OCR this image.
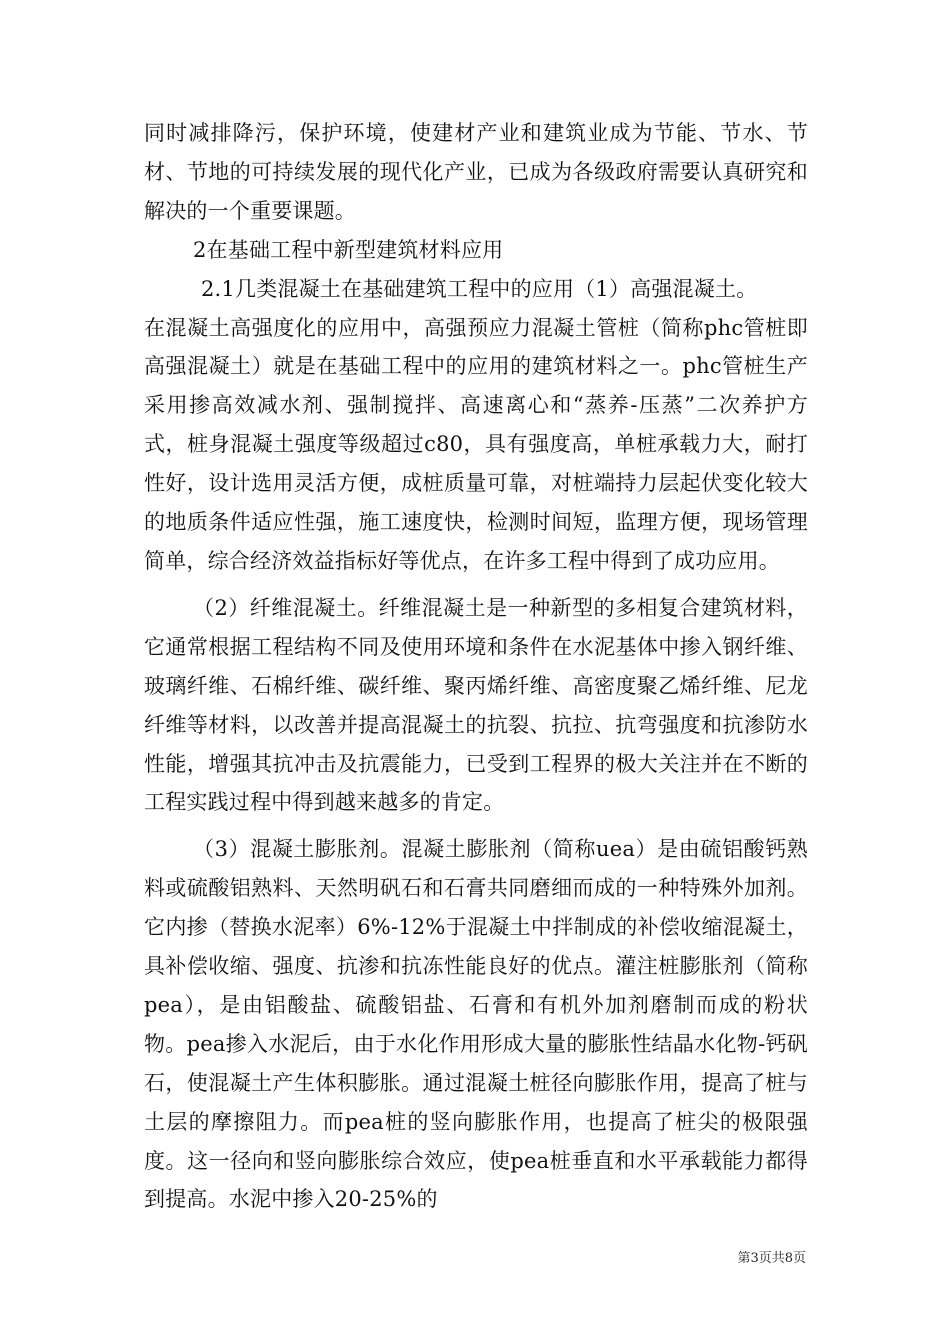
同时减排降污，保护环境，使建材产业和建筑业成为节能、节水、节材、节地的可持续发展的现代化产业，已成为各级政府需要认真研究和解决的一个重要课题。

2在基础工程中新型建筑材料应用

2.1几类混凝土在基础建筑工程中的应用（1）高强混凝土。

在混凝土高强度化的应用中，高强预应力混凝土管桩（简称phc管桩即高强混凝土）就是在基础工程中的应用的建筑材料之一。phc管桩生产采用掺高效减水剂、强制搅拌、高速离心和“蒸养-压蒸”二次养护方式，桩身混凝土强度等级超过c80，具有强度高，单桩承载力大，耐打性好，设计选用灵活方便，成桩质量可靠，对桩端持力层起伏变化较大的地质条件适应性强，施工速度快，检测时间短，监理方便，现场管理简单，综合经济效益指标好等优点，在许多工程中得到了成功应用。

（2）纤维混凝土。纤维混凝土是一种新型的多相复合建筑材料，它通常根据工程结构不同及使用环境和条件在水泥基体中掺入钢纤维、玻璃纤维、石棉纤维、碳纤维、聚丙烯纤维、高密度聚乙烯纤维、尼龙纤维等材料，以改善并提高混凝土的抗裂、抗拉、抗弯强度和抗渗防水性能，增强其抗冲击及抗震能力，已受到工程界的极大关注并在不断的工程实践过程中得到越来越多的肯定。

（3）混凝土膨胀剂。混凝土膨胀剂（简称uea）是由硫铝酸钙熟料或硫酸铝熟料、天然明矾石和石膏共同磨细而成的一种特殊外加剂。它内掺（替换水泥率）6%-12%于混凝土中拌制成的补偿收缩混凝土，具补偿收缩、强度、抗渗和抗冻性能良好的优点。灌注桩膨胀剂（简称pea），是由铝酸盐、硫酸铝盐、石膏和有机外加剂磨制而成的粉状物。pea掺入水泥后，由于水化作用形成大量的膨胀性结晶水化物-钙矾石，使混凝土产生体积膨胀。通过混凝土桩径向膨胀作用，提高了桩与土层的摩擦阻力。而pea桩的竖向膨胀作用，也提高了桩尖的极限强度。这一径向和竖向膨胀综合效应，使pea桩垂直和水平承载能力都得到提高。水泥中掺入20-25%的

第3页共8页
